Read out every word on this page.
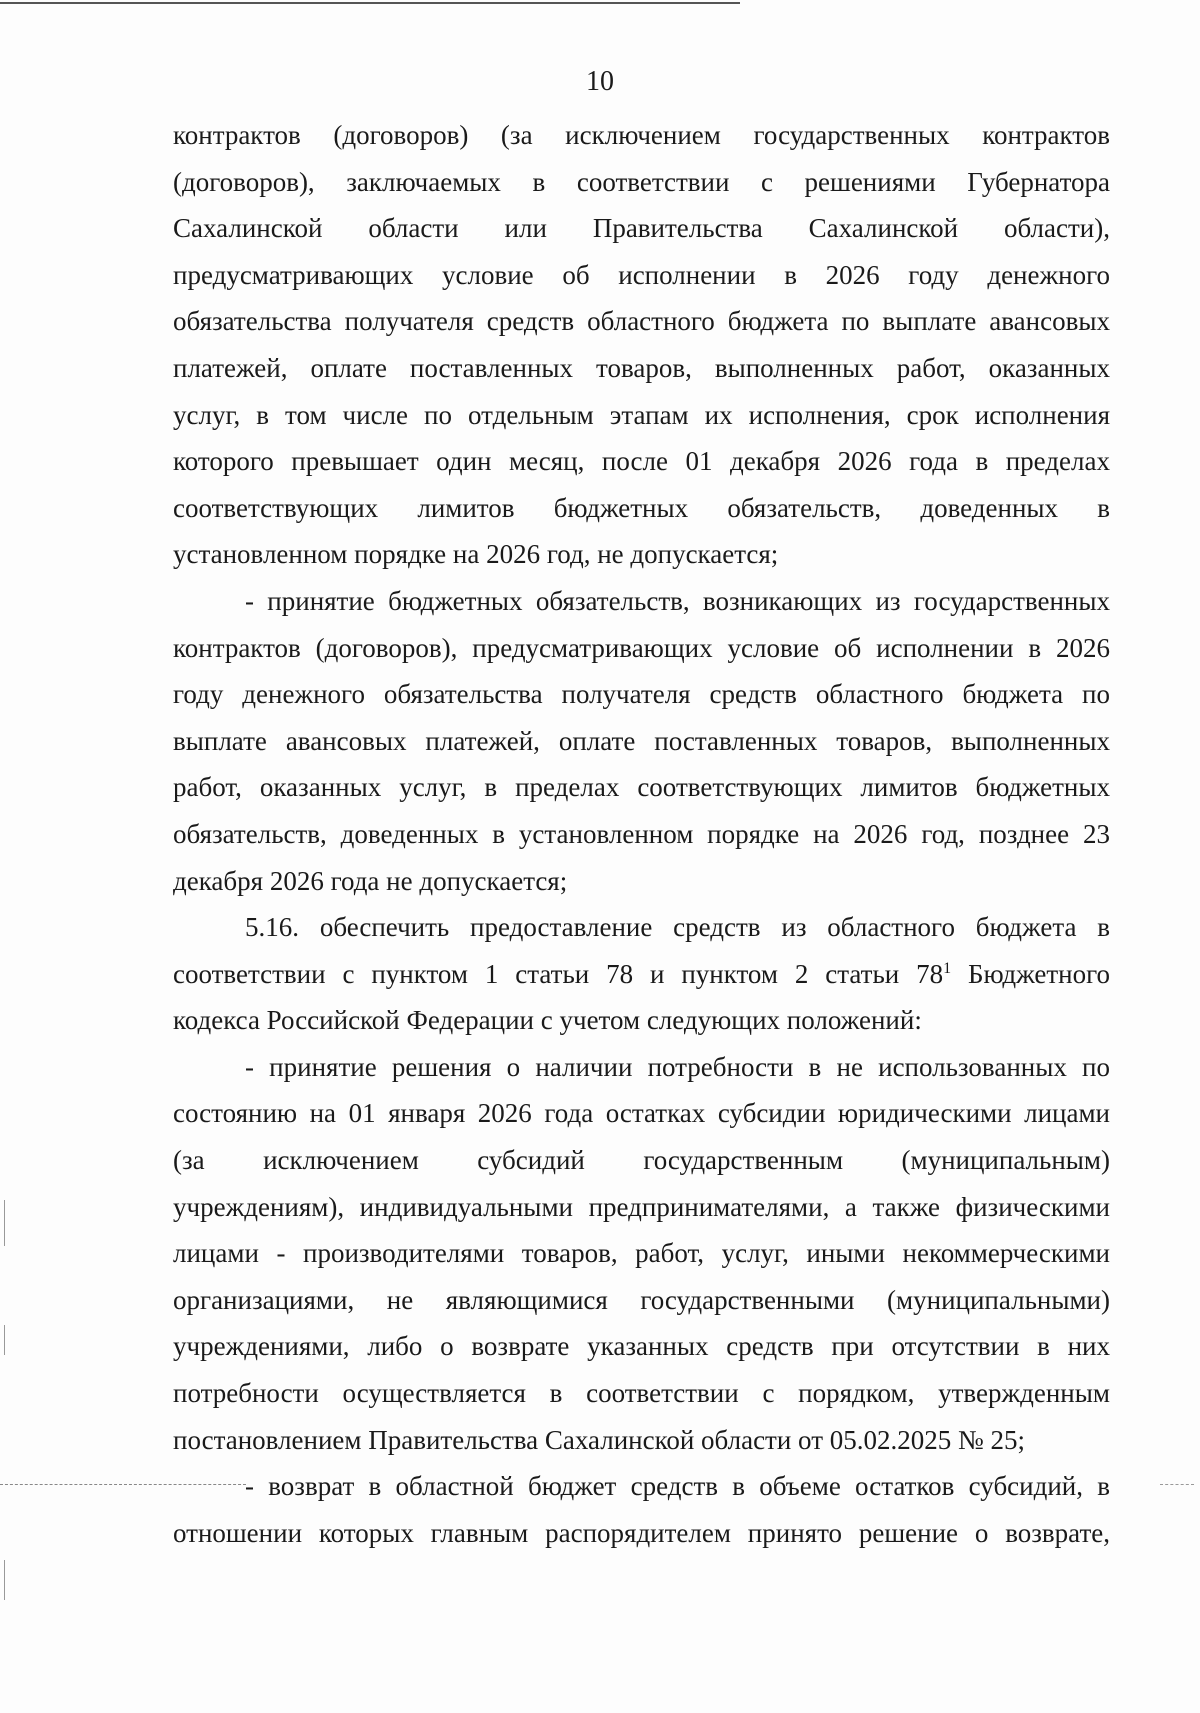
10
контрактов (договоров) (за исключением государственных контрактов
(договоров), заключаемых в соответствии с решениями Губернатора
Сахалинской области или Правительства Сахалинской области),
предусматривающих условие об исполнении в 2026 году денежного
обязательства получателя средств областного бюджета по выплате авансовых
платежей, оплате поставленных товаров, выполненных работ, оказанных
услуг, в том числе по отдельным этапам их исполнения, срок исполнения
которого превышает один месяц, после 01 декабря 2026 года в пределах
соответствующих лимитов бюджетных обязательств, доведенных в
установленном порядке на 2026 год, не допускается;
- принятие бюджетных обязательств, возникающих из государственных
контрактов (договоров), предусматривающих условие об исполнении в 2026
году денежного обязательства получателя средств областного бюджета по
выплате авансовых платежей, оплате поставленных товаров, выполненных
работ, оказанных услуг, в пределах соответствующих лимитов бюджетных
обязательств, доведенных в установленном порядке на 2026 год, позднее 23
декабря 2026 года не допускается;
5.16. обеспечить предоставление средств из областного бюджета в
соответствии с пунктом 1 статьи 78 и пунктом 2 статьи $78^1$ Бюджетного
кодекса Российской Федерации с учетом следующих положений:
- принятие решения о наличии потребности в не использованных по
состоянию на 01 января 2026 года остатках субсидии юридическими лицами
(за исключением субсидий государственным (муниципальным)
учреждениям), индивидуальными предпринимателями, а также физическими
лицами - производителями товаров, работ, услуг, иными некоммерческими
организациями, не являющимися государственными (муниципальными)
учреждениями, либо о возврате указанных средств при отсутствии в них
потребности осуществляется в соответствии с порядком, утвержденным
постановлением Правительства Сахалинской области от 05.02.2025 № 25;
- возврат в областной бюджет средств в объеме остатков субсидий, в
отношении которых главным распорядителем принято решение о возврате,
